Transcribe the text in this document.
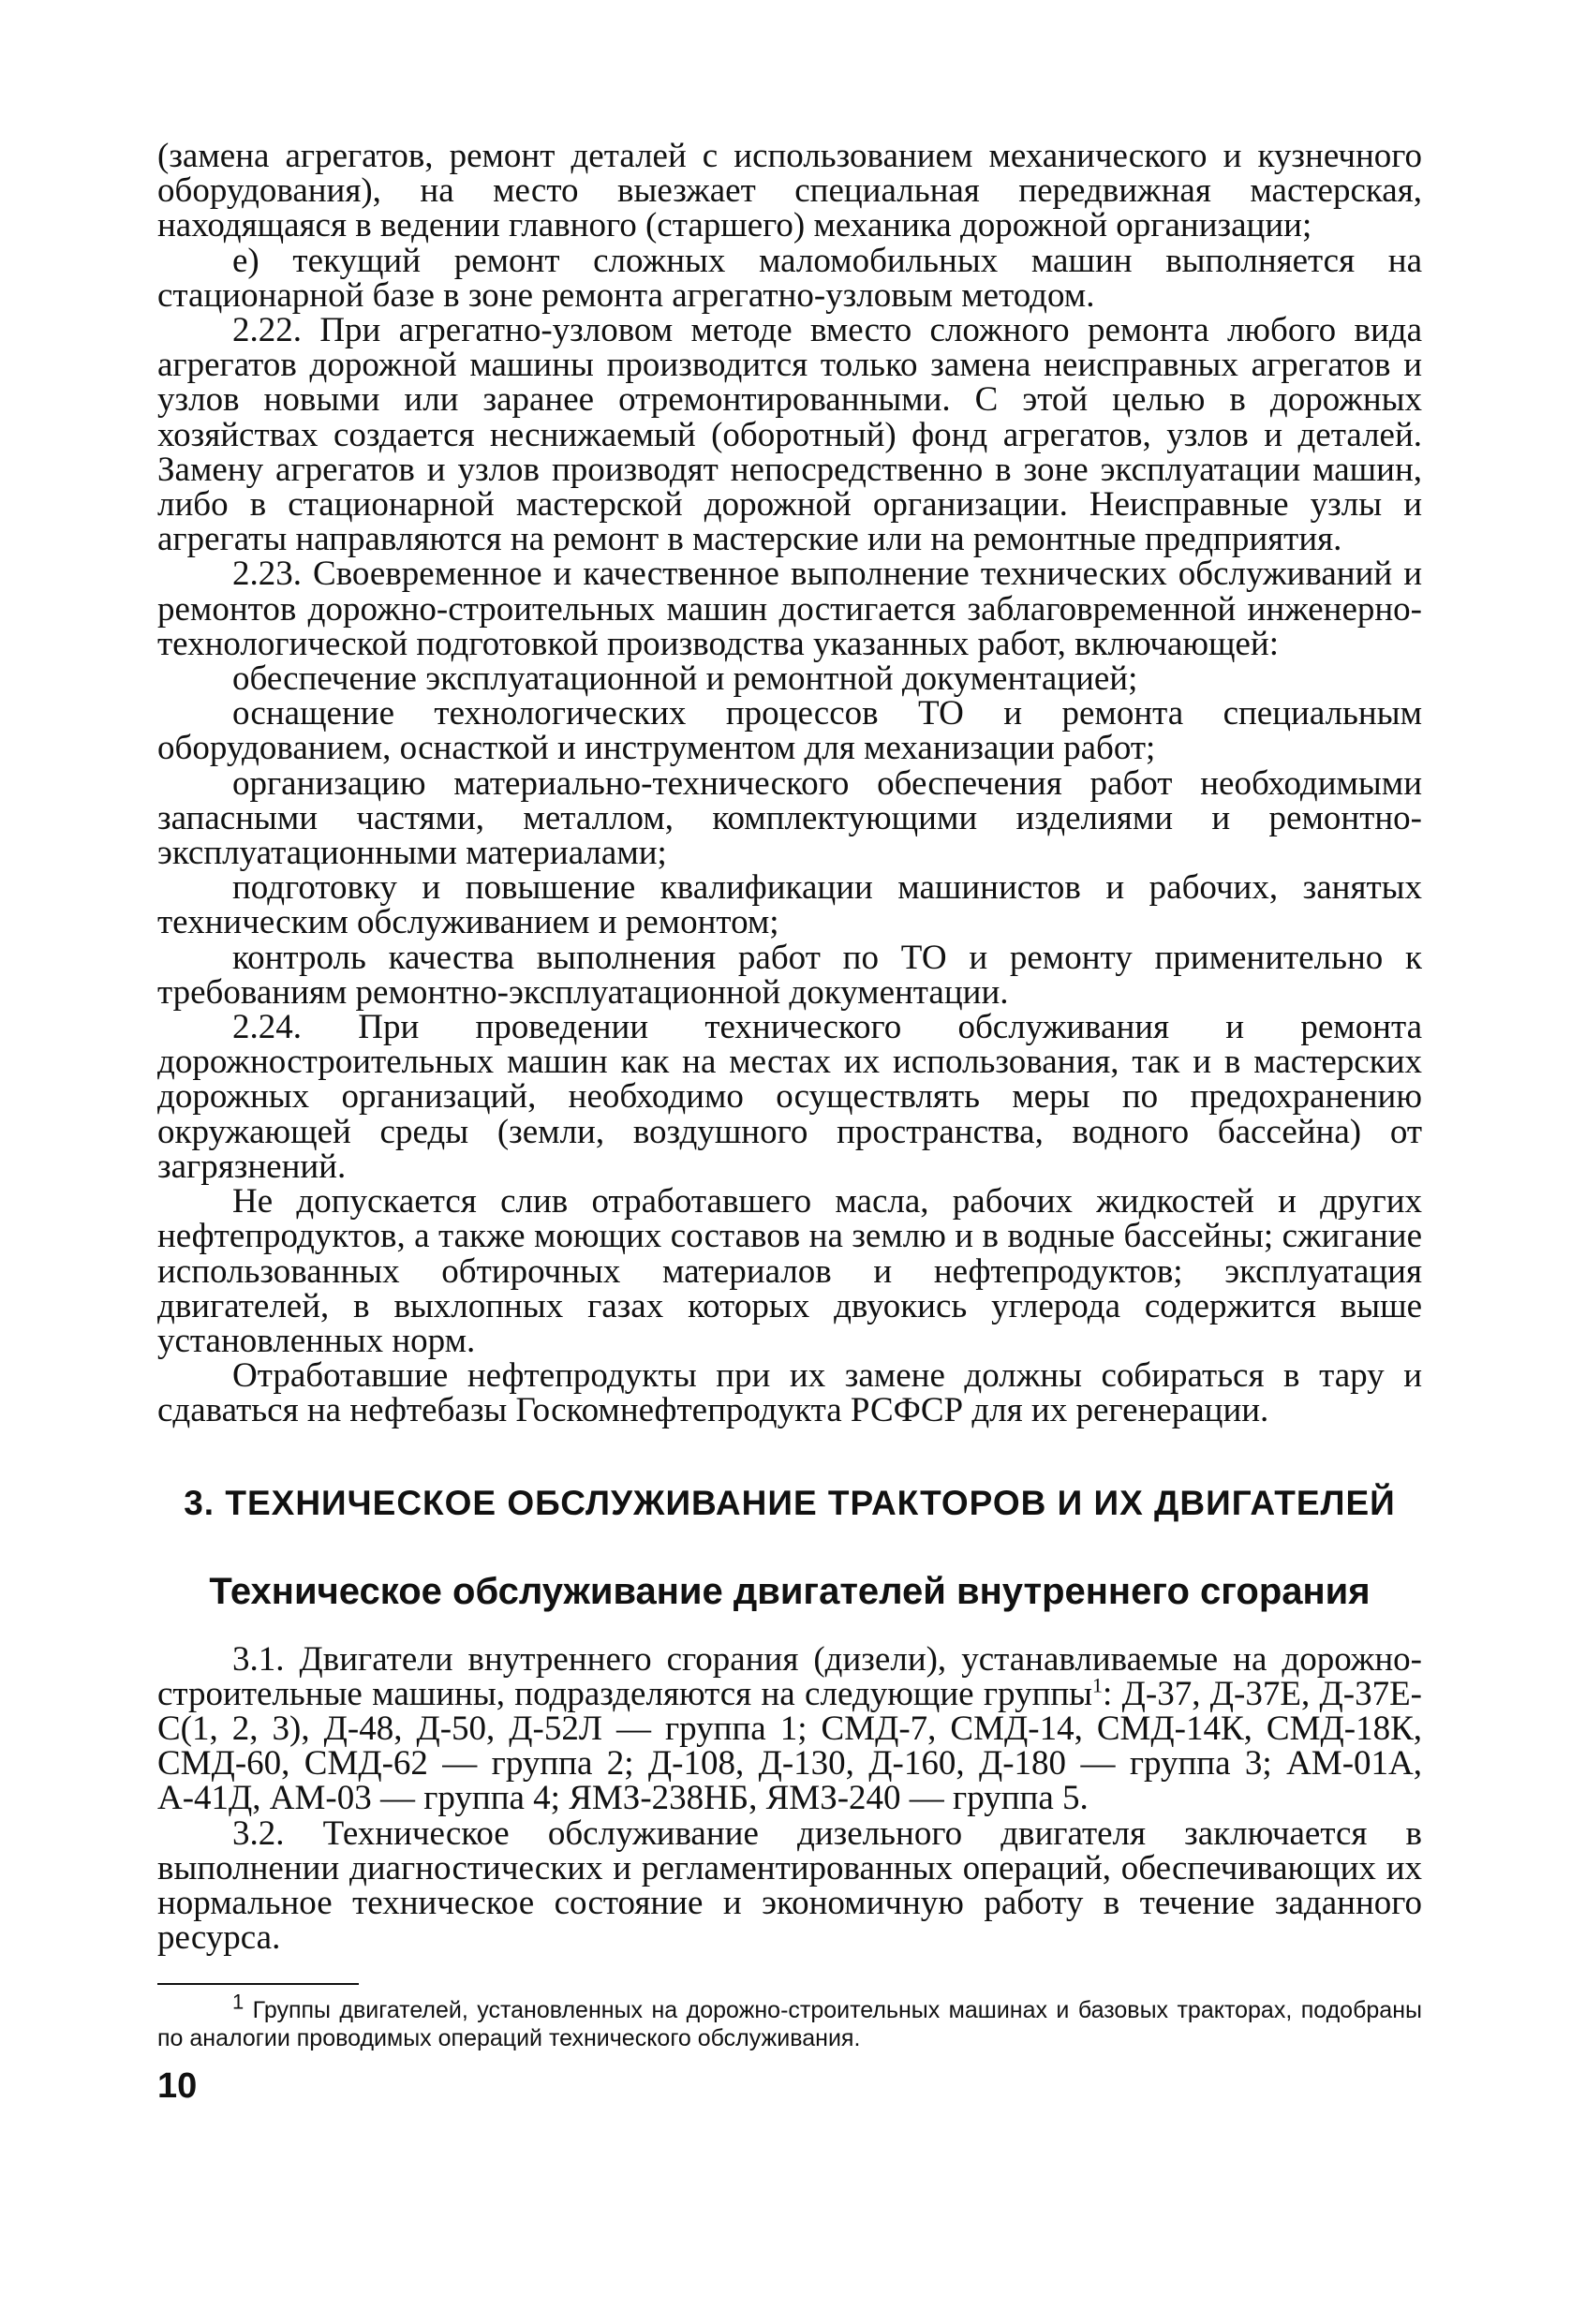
(замена агрегатов, ремонт деталей с использованием механического и кузнечного оборудования), на место выезжает специальная передвижная мастерская, находящаяся в ведении главного (старшего) механика дорожной организации;

е) текущий ремонт сложных маломобильных машин выполняется на стационарной базе в зоне ремонта агрегатно-узловым методом.

2.22. При агрегатно-узловом методе вместо сложного ремонта любого вида агрегатов дорожной машины производится только замена неисправных агрегатов и узлов новыми или заранее отремонтированными. С этой целью в дорожных хозяйствах создается неснижаемый (оборотный) фонд агрегатов, узлов и деталей. Замену агрегатов и узлов производят непосредственно в зоне эксплуатации машин, либо в стационарной мастерской дорожной организации. Неисправные узлы и агрегаты направляются на ремонт в мастерские или на ремонтные предприятия.

2.23. Своевременное и качественное выполнение технических обслуживаний и ремонтов дорожно-строительных машин достигается заблаговременной инженерно-технологической подготовкой производства указанных работ, включающей:

обеспечение эксплуатационной и ремонтной документацией;

оснащение технологических процессов ТО и ремонта специальным оборудованием, оснасткой и инструментом для механизации работ;

организацию материально-технического обеспечения работ необходимыми запасными частями, металлом, комплектующими изделиями и ремонтно-эксплуатационными материалами;

подготовку и повышение квалификации машинистов и рабочих, занятых техническим обслуживанием и ремонтом;

контроль качества выполнения работ по ТО и ремонту применительно к требованиям ремонтно-эксплуатационной документации.

2.24. При проведении технического обслуживания и ремонта дорожностроительных машин как на местах их использования, так и в мастерских дорожных организаций, необходимо осуществлять меры по предохранению окружающей среды (земли, воздушного пространства, водного бассейна) от загрязнений.

Не допускается слив отработавшего масла, рабочих жидкостей и других нефтепродуктов, а также моющих составов на землю и в водные бассейны; сжигание использованных обтирочных материалов и нефтепродуктов; эксплуатация двигателей, в выхлопных газах которых двуокись углерода содержится выше установленных норм.

Отработавшие нефтепродукты при их замене должны собираться в тару и сдаваться на нефтебазы Госкомнефтепродукта РСФСР для их регенерации.

3. ТЕХНИЧЕСКОЕ ОБСЛУЖИВАНИЕ ТРАКТОРОВ И ИХ ДВИГАТЕЛЕЙ
Техническое обслуживание двигателей внутреннего сгорания

3.1. Двигатели внутреннего сгорания (дизели), устанавливаемые на дорожно-строительные машины, подразделяются на следующие группы$^1$: Д-37, Д-37Е, Д-37Е-С(1, 2, 3), Д-48, Д-50, Д-52Л — группа 1; СМД-7, СМД-14, СМД-14К, СМД-18К, СМД-60, СМД-62 — группа 2; Д-108, Д-130, Д-160, Д-180 — группа 3; АМ-01А, А-41Д, АМ-03 — группа 4; ЯМЗ-238НБ, ЯМЗ-240 — группа 5.

3.2. Техническое обслуживание дизельного двигателя заключается в выполнении диагностических и регламентированных операций, обеспечивающих их нормальное техническое состояние и экономичную работу в течение заданного ресурса.

$^1$ Группы двигателей, установленных на дорожно-строительных машинах и базовых тракторах, подобраны по аналогии проводимых операций технического обслуживания.

10
